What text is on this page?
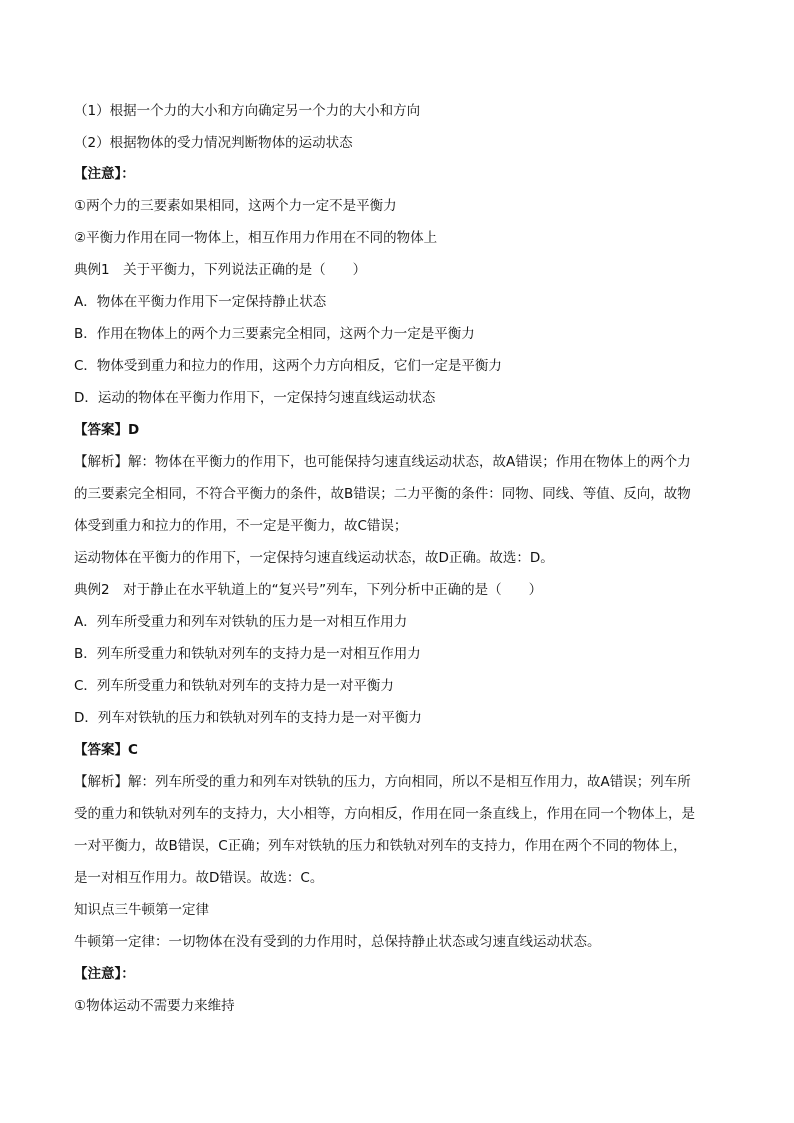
（1）根据一个力的大小和方向确定另一个力的大小和方向
（2）根据物体的受力情况判断物体的运动状态
【注意】：
①两个力的三要素如果相同，这两个力一定不是平衡力
②平衡力作用在同一物体上，相互作用力作用在不同的物体上
典例1　关于平衡力，下列说法正确的是（　　）
A．物体在平衡力作用下一定保持静止状态
B．作用在物体上的两个力三要素完全相同，这两个力一定是平衡力
C．物体受到重力和拉力的作用，这两个力方向相反，它们一定是平衡力
D．运动的物体在平衡力作用下，一定保持匀速直线运动状态
【答案】D
【解析】解：物体在平衡力的作用下，也可能保持匀速直线运动状态，故A错误；作用在物体上的两个力
的三要素完全相同，不符合平衡力的条件，故B错误；二力平衡的条件：同物、同线、等值、反向，故物
体受到重力和拉力的作用，不一定是平衡力，故C错误；
运动物体在平衡力的作用下，一定保持匀速直线运动状态，故D正确。故选：D。
典例2　对于静止在水平轨道上的“复兴号”列车，下列分析中正确的是（　　）
A．列车所受重力和列车对铁轨的压力是一对相互作用力
B．列车所受重力和铁轨对列车的支持力是一对相互作用力
C．列车所受重力和铁轨对列车的支持力是一对平衡力
D．列车对铁轨的压力和铁轨对列车的支持力是一对平衡力
【答案】C
【解析】解：列车所受的重力和列车对铁轨的压力，方向相同，所以不是相互作用力，故A错误；列车所
受的重力和铁轨对列车的支持力，大小相等，方向相反，作用在同一条直线上，作用在同一个物体上，是
一对平衡力，故B错误，C正确；列车对铁轨的压力和铁轨对列车的支持力，作用在两个不同的物体上，
是一对相互作用力。故D错误。故选：C。
知识点三牛顿第一定律
牛顿第一定律：一切物体在没有受到的力作用时，总保持静止状态或匀速直线运动状态。
【注意】：
①物体运动不需要力来维持
